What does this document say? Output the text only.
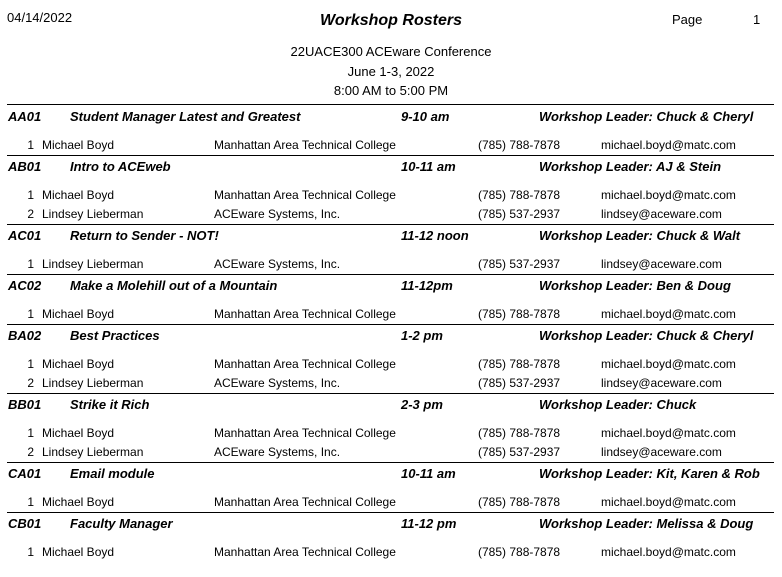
04/14/2022	Workshop Rosters	Page	1
22UACE300 ACEware Conference
June 1-3, 2022
8:00 AM to 5:00 PM
AA01 Student Manager Latest and Greatest	9-10 am	Workshop Leader: Chuck & Cheryl
1 Michael Boyd	Manhattan Area Technical College	(785) 788-7878	michael.boyd@matc.com
AB01 Intro to ACEweb	10-11 am	Workshop Leader: AJ & Stein
1 Michael Boyd	Manhattan Area Technical College	(785) 788-7878	michael.boyd@matc.com
2 Lindsey Lieberman	ACEware Systems, Inc.	(785) 537-2937	lindsey@aceware.com
AC01 Return to Sender - NOT!	11-12 noon	Workshop Leader: Chuck & Walt
1 Lindsey Lieberman	ACEware Systems, Inc.	(785) 537-2937	lindsey@aceware.com
AC02 Make a Molehill out of a Mountain	11-12pm	Workshop Leader: Ben & Doug
1 Michael Boyd	Manhattan Area Technical College	(785) 788-7878	michael.boyd@matc.com
BA02 Best Practices	1-2 pm	Workshop Leader: Chuck & Cheryl
1 Michael Boyd	Manhattan Area Technical College	(785) 788-7878	michael.boyd@matc.com
2 Lindsey Lieberman	ACEware Systems, Inc.	(785) 537-2937	lindsey@aceware.com
BB01 Strike it Rich	2-3 pm	Workshop Leader: Chuck
1 Michael Boyd	Manhattan Area Technical College	(785) 788-7878	michael.boyd@matc.com
2 Lindsey Lieberman	ACEware Systems, Inc.	(785) 537-2937	lindsey@aceware.com
CA01 Email module	10-11 am	Workshop Leader: Kit, Karen & Rob
1 Michael Boyd	Manhattan Area Technical College	(785) 788-7878	michael.boyd@matc.com
CB01 Faculty Manager	11-12 pm	Workshop Leader: Melissa & Doug
1 Michael Boyd	Manhattan Area Technical College	(785) 788-7878	michael.boyd@matc.com
